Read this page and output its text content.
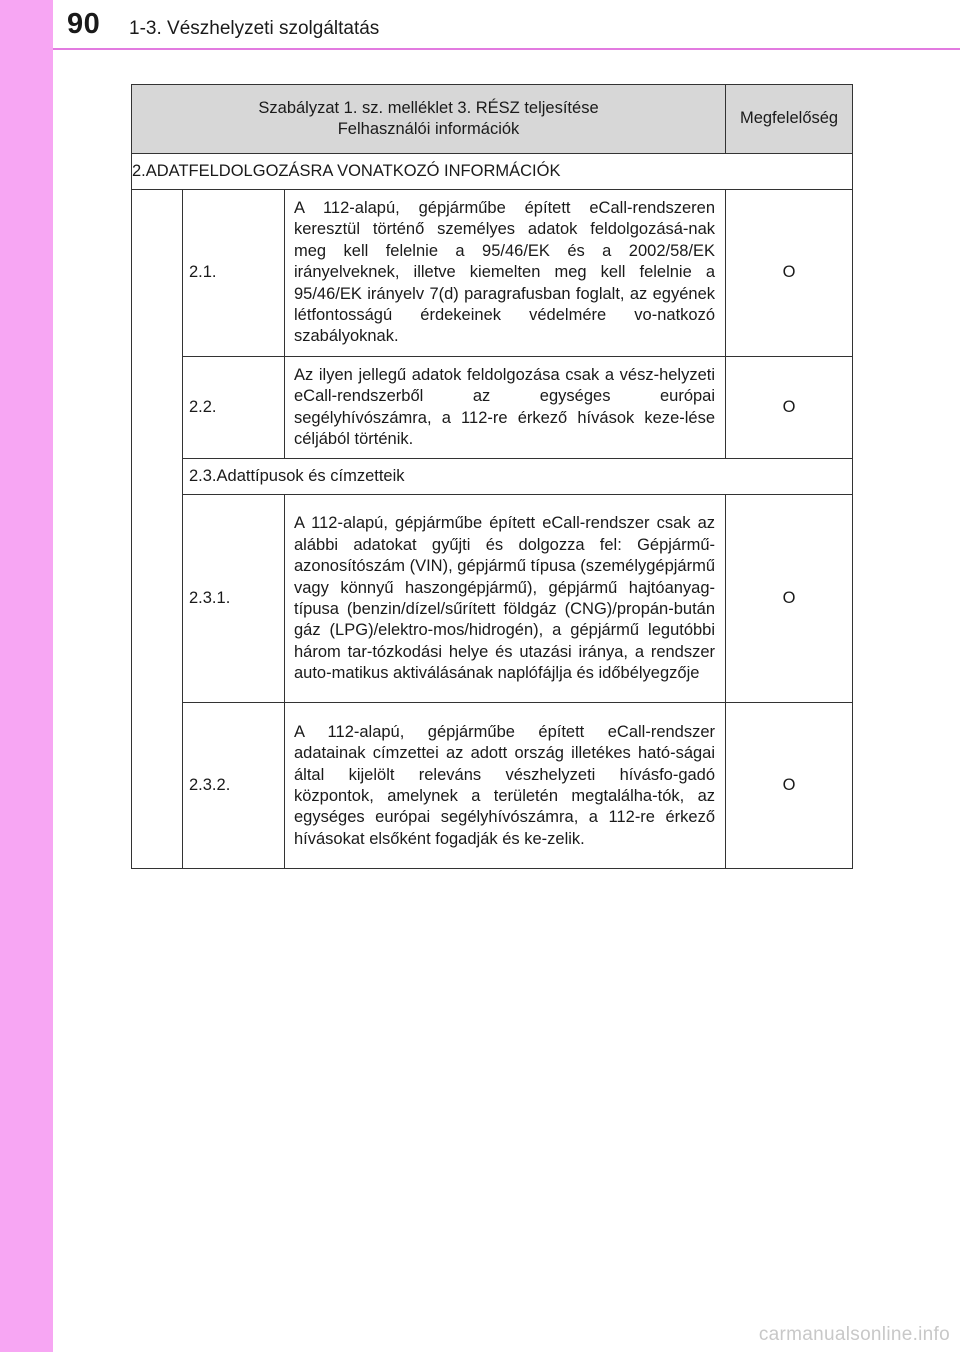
90 1-3. Vészhelyzeti szolgáltatás
Szabályzat 1. sz. melléklet 3. RÉSZ teljesítése
Felhasználói információk			Megfelelőség
2.ADATFELDOLGOZÁSRA VONATKOZÓ INFORMÁCIÓK			
	2.1.	A 112-alapú, gépjárműbe épített eCall-rendszeren keresztül történő személyes adatok feldolgozásá-nak meg kell felelnie a 95/46/EK és a 2002/58/EK irányelveknek, illetve kiemelten meg kell felelnie a 95/46/EK irányelv 7(d) paragrafusban foglalt, az egyének létfontosságú érdekeinek védelmére vo-natkozó szabályoknak.	O
	2.2.	Az ilyen jellegű adatok feldolgozása csak a vész-helyzeti eCall-rendszerből az egységes európai segélyhívószámra, a 112-re érkező hívások keze-lése céljából történik.	O
	2.3.Adattípusok és címzetteik		
	2.3.1.	A 112-alapú, gépjárműbe épített eCall-rendszer csak az alábbi adatokat gyűjti és dolgozza fel: Gépjármű-azonosítószám (VIN), gépjármű típusa (személygépjármű vagy könnyű haszongépjármű), gépjármű hajtóanyag-típusa (benzin/dízel/sűrített földgáz (CNG)/propán-bután gáz (LPG)/elektro-mos/hidrogén), a gépjármű legutóbbi három tar-tózkodási helye és utazási iránya, a rendszer auto-matikus aktiválásának naplófájlja és időbélyegzője	O
	2.3.2.	A 112-alapú, gépjárműbe épített eCall-rendszer adatainak címzettei az adott ország illetékes ható-ságai által kijelölt releváns vészhelyzeti hívásfo-gadó központok, amelynek a területén megtalálha-tók, az egységes európai segélyhívószámra, a 112-re érkező hívásokat elsőként fogadják és ke-zelik.	O
carmanualsonline.info
